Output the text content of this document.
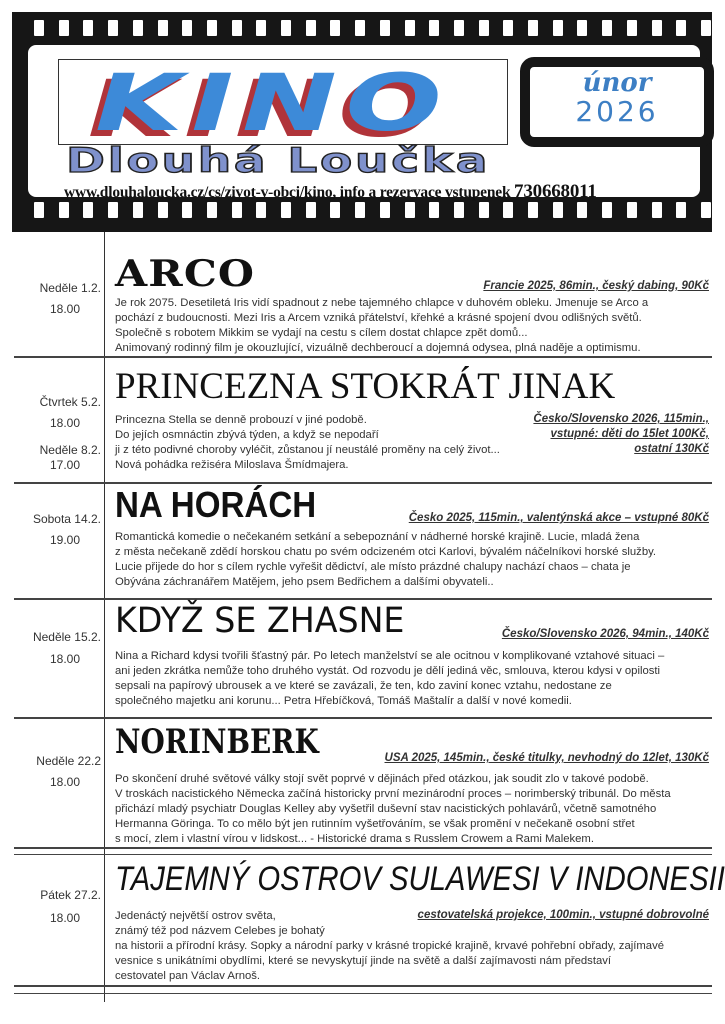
KINO	únor
2026
Dlouhá Loučka
www.dlouhaloucka.cz/cs/zivot-v-obci/kino, info a rezervace vstupenek 730668011
Neděle 1.2.
18.00
ARCO	Francie 2025, 86min., český dabing, 90Kč
Je rok 2075. Desetiletá Iris vidí spadnout z nebe tajemného chlapce v duhovém obleku. Jmenuje se Arco a
pochází z budoucnosti. Mezi Iris a Arcem vzniká přátelství, křehké a krásné spojení dvou odlišných světů.
Společně s robotem Mikkim se vydají na cestu s cílem dostat chlapce zpět domů...
Animovaný rodinný film je okouzlující, vizuálně dechberoucí a dojemná odysea, plná naděje a optimismu.
Čtvrtek 5.2.
18.00
Neděle 8.2.
17.00
PRINCEZNA STOKRÁT JINAK
Česko/Slovensko 2026, 115min.,
vstupné: děti do 15let 100Kč,
ostatní 130Kč
Princezna Stella se denně probouzí v jiné podobě.
Do jejích osmnáctin zbývá týden, a když se nepodaří
ji z této podivné choroby vyléčit, zůstanou jí neustálé proměny na celý život...
Nová pohádka režiséra Miloslava Šmídmajera.
Sobota 14.2.
19.00
NA HORÁCH	Česko 2025, 115min., valentýnská akce – vstupné 80Kč
Romantická komedie o nečekaném setkání a sebepoznání v nádherné horské krajině. Lucie, mladá žena
z města nečekaně zdědí horskou chatu po svém odcizeném otci Karlovi, bývalém náčelníkovi horské služby.
Lucie přijede do hor s cílem rychle vyřešit dědictví, ale místo prázdné chalupy nachází chaos – chata je
Obývána záchranářem Matějem, jeho psem Bedřichem a dalšími obyvateli..
Neděle 15.2.
18.00
KDYŽ SE ZHASNE	Česko/Slovensko 2026, 94min., 140Kč
Nina a Richard kdysi tvořili šťastný pár. Po letech manželství se ale ocitnou v komplikované vztahové situaci –
ani jeden zkrátka nemůže toho druhého vystát. Od rozvodu je dělí jediná věc, smlouva, kterou kdysi v opilosti
sepsali na papírový ubrousek a ve které se zavázali, že ten, kdo zaviní konec vztahu, nedostane ze
společného majetku ani korunu... Petra Hřebíčková, Tomáš Maštalír a další v nové komedii.
Neděle 22.2
18.00
NORINBERK	USA 2025, 145min., české titulky, nevhodný do 12let, 130Kč
Po skončení druhé světové války stojí svět poprvé v dějinách před otázkou, jak soudit zlo v takové podobě.
V troskách nacistického Německa začíná historicky první mezinárodní proces – norimberský tribunál. Do města
přichází mladý psychiatr Douglas Kelley aby vyšetřil duševní stav nacistických pohlavárů, včetně samotného
Hermanna Göringa. To co mělo být jen rutinním vyšetřováním, se však promění v nečekaně osobní střet
s mocí, zlem i vlastní vírou v lidskost... - Historické drama s Russlem Crowem a Rami Malekem.
Pátek 27.2.
18.00
TAJEMNÝ OSTROV SULAWESI V INDONESII
cestovatelská projekce, 100min., vstupné dobrovolné
Jedenáctý největší ostrov světa,
známý též pod názvem Celebes je bohatý
na historii a přírodní krásy. Sopky a národní parky v krásné tropické krajině, krvavé pohřební obřady, zajímavé
vesnice s unikátními obydlími, které se nevyskytují jinde na světě a další zajímavosti nám představí
cestovatel pan Václav Arnoš.
